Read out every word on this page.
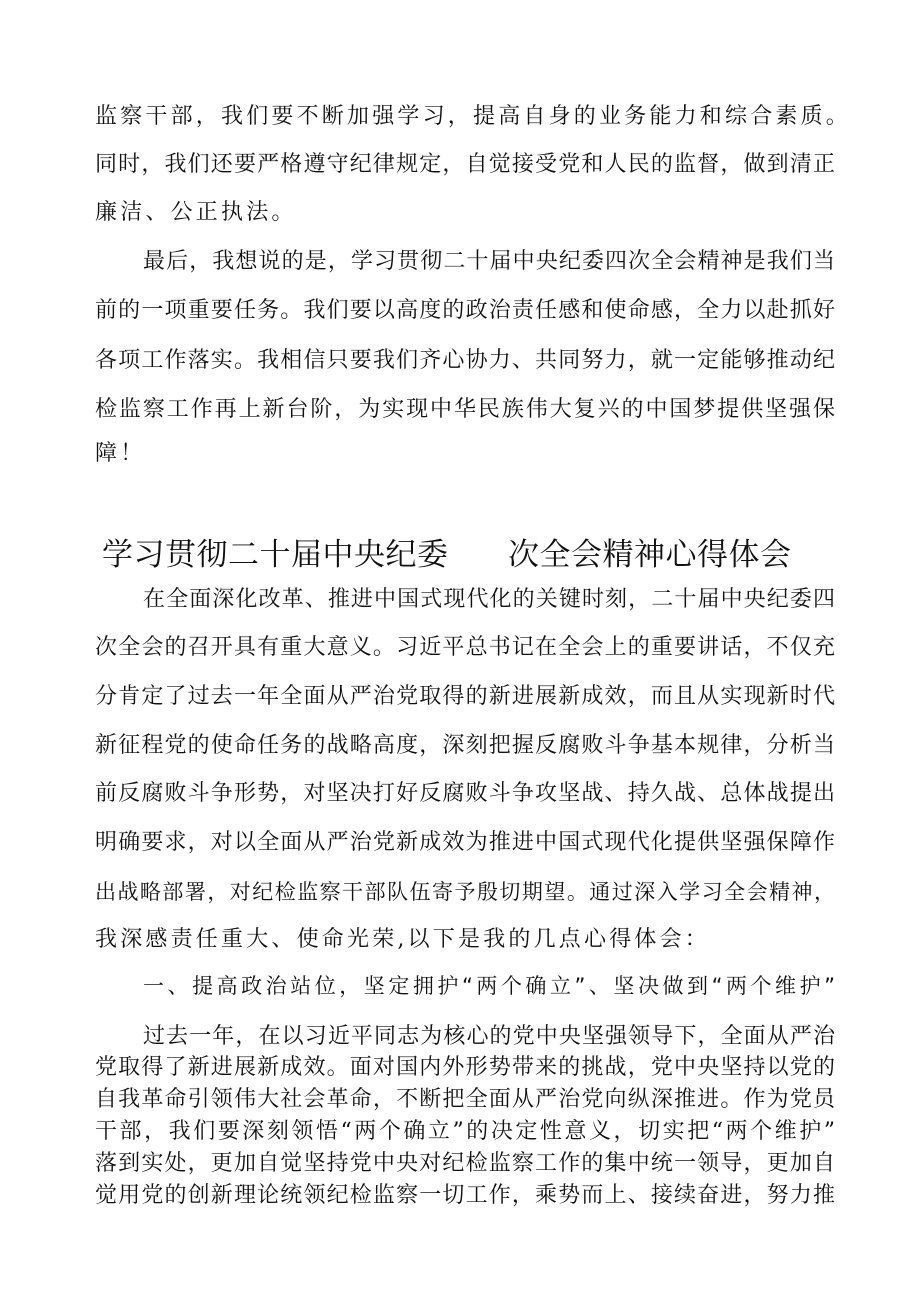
监察干部，我们要不断加强学习，提高自身的业务能力和综合素质。
同时，我们还要严格遵守纪律规定，自觉接受党和人民的监督，做到清正
廉洁、公正执法。
最后，我想说的是，学习贯彻二十届中央纪委四次全会精神是我们当
前的一项重要任务。我们要以高度的政治责任感和使命感，全力以赴抓好
各项工作落实。我相信只要我们齐心协力、共同努力，就一定能够推动纪
检监察工作再上新台阶，为实现中华民族伟大复兴的中国梦提供坚强保
障！
学习贯彻二十届中央纪委 次全会精神心得体会
在全面深化改革、推进中国式现代化的关键时刻，二十届中央纪委四
次全会的召开具有重大意义。习近平总书记在全会上的重要讲话，不仅充
分肯定了过去一年全面从严治党取得的新进展新成效，而且从实现新时代
新征程党的使命任务的战略高度，深刻把握反腐败斗争基本规律，分析当
前反腐败斗争形势，对坚决打好反腐败斗争攻坚战、持久战、总体战提出
明确要求，对以全面从严治党新成效为推进中国式现代化提供坚强保障作
出战略部署，对纪检监察干部队伍寄予殷切期望。通过深入学习全会精神，
我深感责任重大、使命光荣,以下是我的几点心得体会：
一、提高政治站位，坚定拥护“两个确立”、坚决做到“两个维护”
过去一年，在以习近平同志为核心的党中央坚强领导下，全面从严治
党取得了新进展新成效。面对国内外形势带来的挑战，党中央坚持以党的
自我革命引领伟大社会革命，不断把全面从严治党向纵深推进。作为党员
干部，我们要深刻领悟“两个确立”的决定性意义，切实把“两个维护”
落到实处，更加自觉坚持党中央对纪检监察工作的集中统一领导，更加自
觉用党的创新理论统领纪检监察一切工作，乘势而上、接续奋进，努力推
